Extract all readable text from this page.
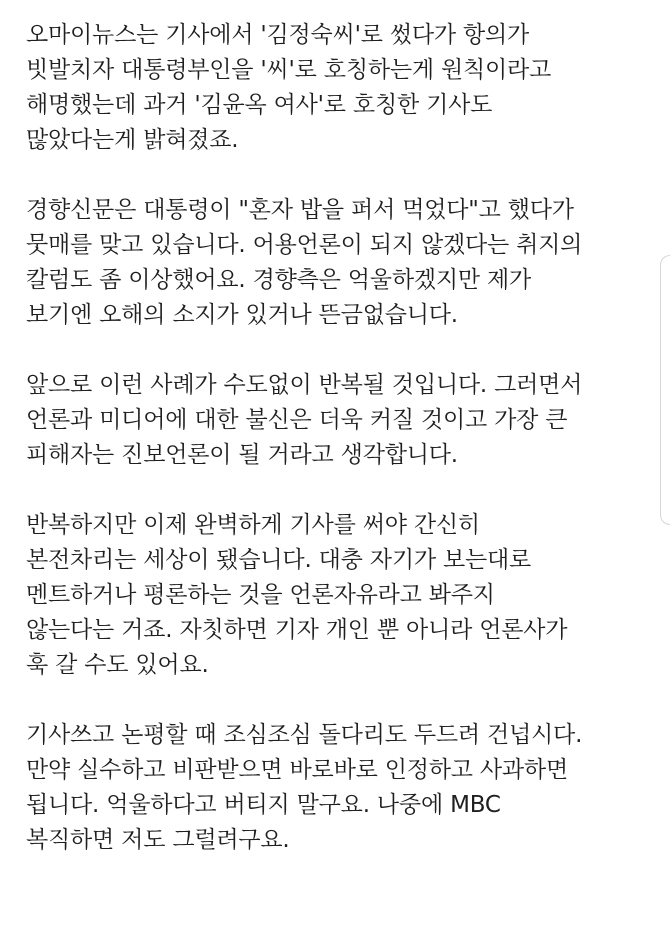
오마이뉴스는 기사에서 '김정숙씨'로 썼다가 항의가
빗발치자 대통령부인을 '씨'로 호칭하는게 원칙이라고
해명했는데 과거 '김윤옥 여사'로 호칭한 기사도
많았다는게 밝혀졌죠.
경향신문은 대통령이 "혼자 밥을 퍼서 먹었다"고 했다가
뭇매를 맞고 있습니다. 어용언론이 되지 않겠다는 취지의
칼럼도 좀 이상했어요. 경향측은 억울하겠지만 제가
보기엔 오해의 소지가 있거나 뜬금없습니다.
앞으로 이런 사례가 수도없이 반복될 것입니다. 그러면서
언론과 미디어에 대한 불신은 더욱 커질 것이고 가장 큰
피해자는 진보언론이 될 거라고 생각합니다.
반복하지만 이제 완벽하게 기사를 써야 간신히
본전차리는 세상이 됐습니다. 대충 자기가 보는대로
멘트하거나 평론하는 것을 언론자유라고 봐주지
않는다는 거죠. 자칫하면 기자 개인 뿐 아니라 언론사가
훅 갈 수도 있어요.
기사쓰고 논평할 때 조심조심 돌다리도 두드려 건넙시다.
만약 실수하고 비판받으면 바로바로 인정하고 사과하면
됩니다. 억울하다고 버티지 말구요. 나중에 MBC
복직하면 저도 그럴려구요.
